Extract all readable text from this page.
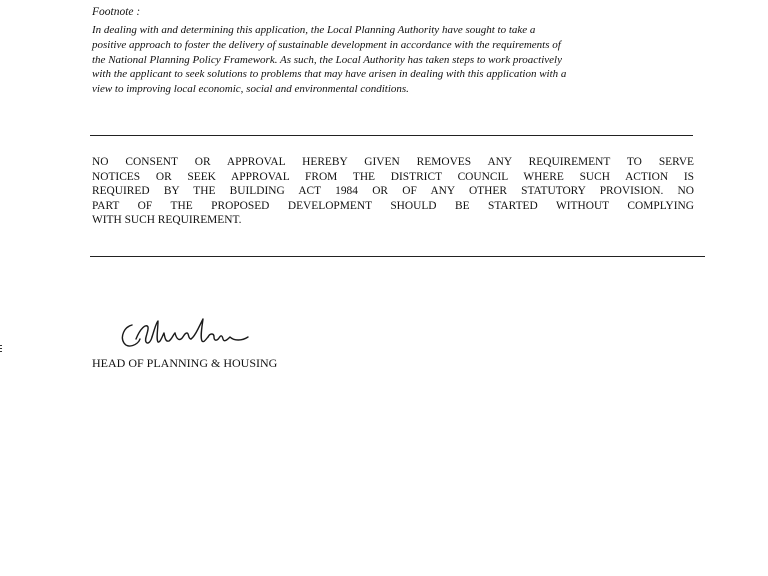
Footnote :
In dealing with and determining this application, the Local Planning Authority have sought to take a
positive approach to foster the delivery of sustainable development in accordance with the requirements of
the National Planning Policy Framework. As such, the Local Authority has taken steps to work proactively
with the applicant to seek solutions to problems that may have arisen in dealing with this application with a
view to improving local economic, social and environmental conditions.
NO CONSENT OR APPROVAL HEREBY GIVEN REMOVES ANY REQUIREMENT TO SERVE
NOTICES OR SEEK APPROVAL FROM THE DISTRICT COUNCIL WHERE SUCH ACTION IS
REQUIRED BY THE BUILDING ACT 1984 OR OF ANY OTHER STATUTORY PROVISION. NO
PART OF THE PROPOSED DEVELOPMENT SHOULD BE STARTED WITHOUT COMPLYING
WITH SUCH REQUIREMENT.
HEAD OF PLANNING & HOUSING
